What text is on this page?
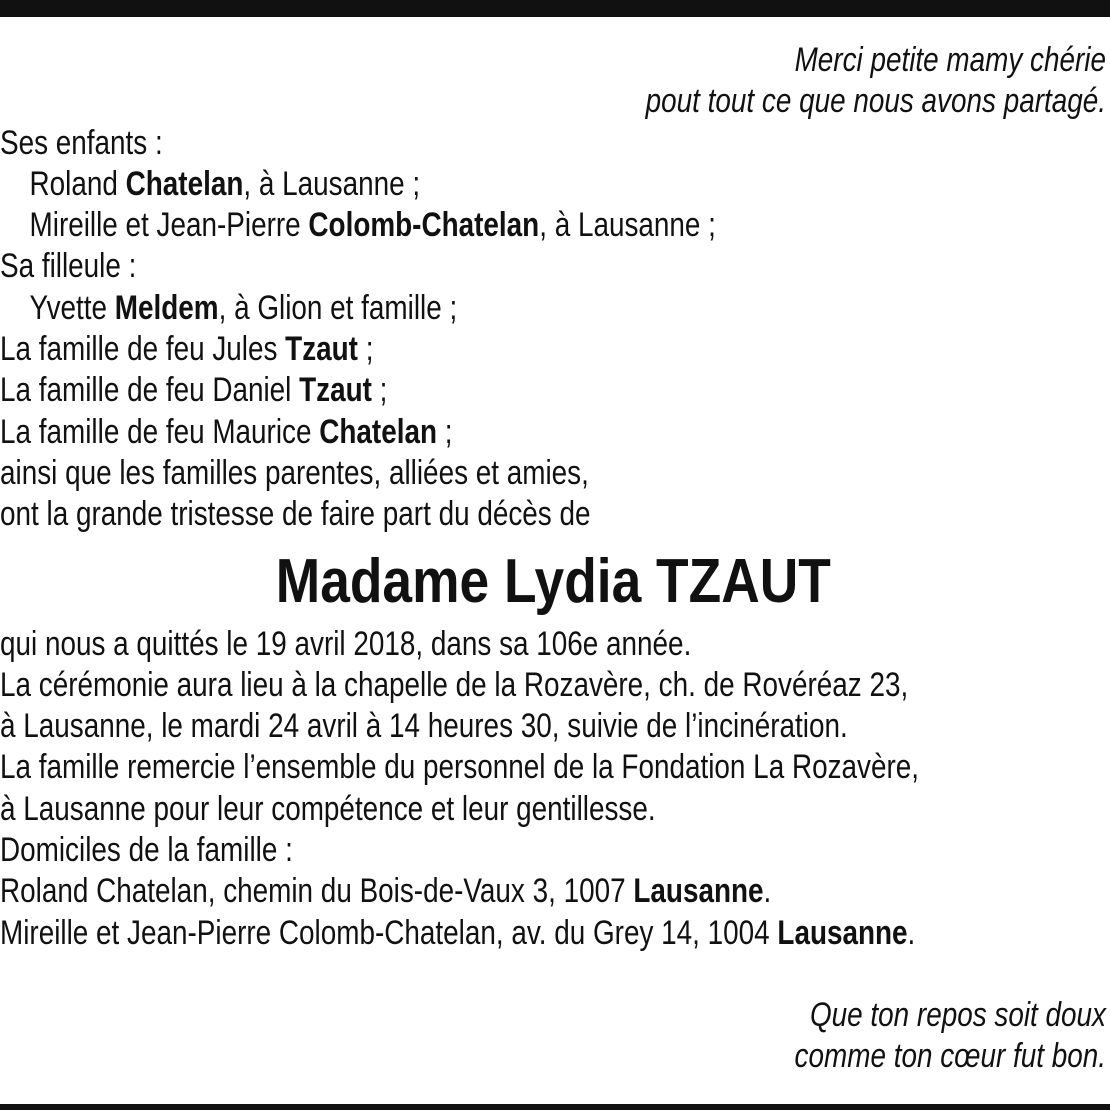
Merci petite mamy chérie
pout tout ce que nous avons partagé.
Ses enfants :
Roland Chatelan, à Lausanne ;
Mireille et Jean-Pierre Colomb-Chatelan, à Lausanne ;
Sa filleule :
Yvette Meldem, à Glion et famille ;
La famille de feu Jules Tzaut ;
La famille de feu Daniel Tzaut ;
La famille de feu Maurice Chatelan ;
ainsi que les familles parentes, alliées et amies,
ont la grande tristesse de faire part du décès de
Madame Lydia TZAUT
qui nous a quittés le 19 avril 2018, dans sa 106e année.
La cérémonie aura lieu à la chapelle de la Rozavère, ch. de Rovéréaz 23,
à Lausanne, le mardi 24 avril à 14 heures 30, suivie de l’incinération.
La famille remercie l’ensemble du personnel de la Fondation La Rozavère,
à Lausanne pour leur compétence et leur gentillesse.
Domiciles de la famille :
Roland Chatelan, chemin du Bois-de-Vaux 3, 1007 Lausanne.
Mireille et Jean-Pierre Colomb-Chatelan, av. du Grey 14, 1004 Lausanne.
Que ton repos soit doux
comme ton cœur fut bon.
